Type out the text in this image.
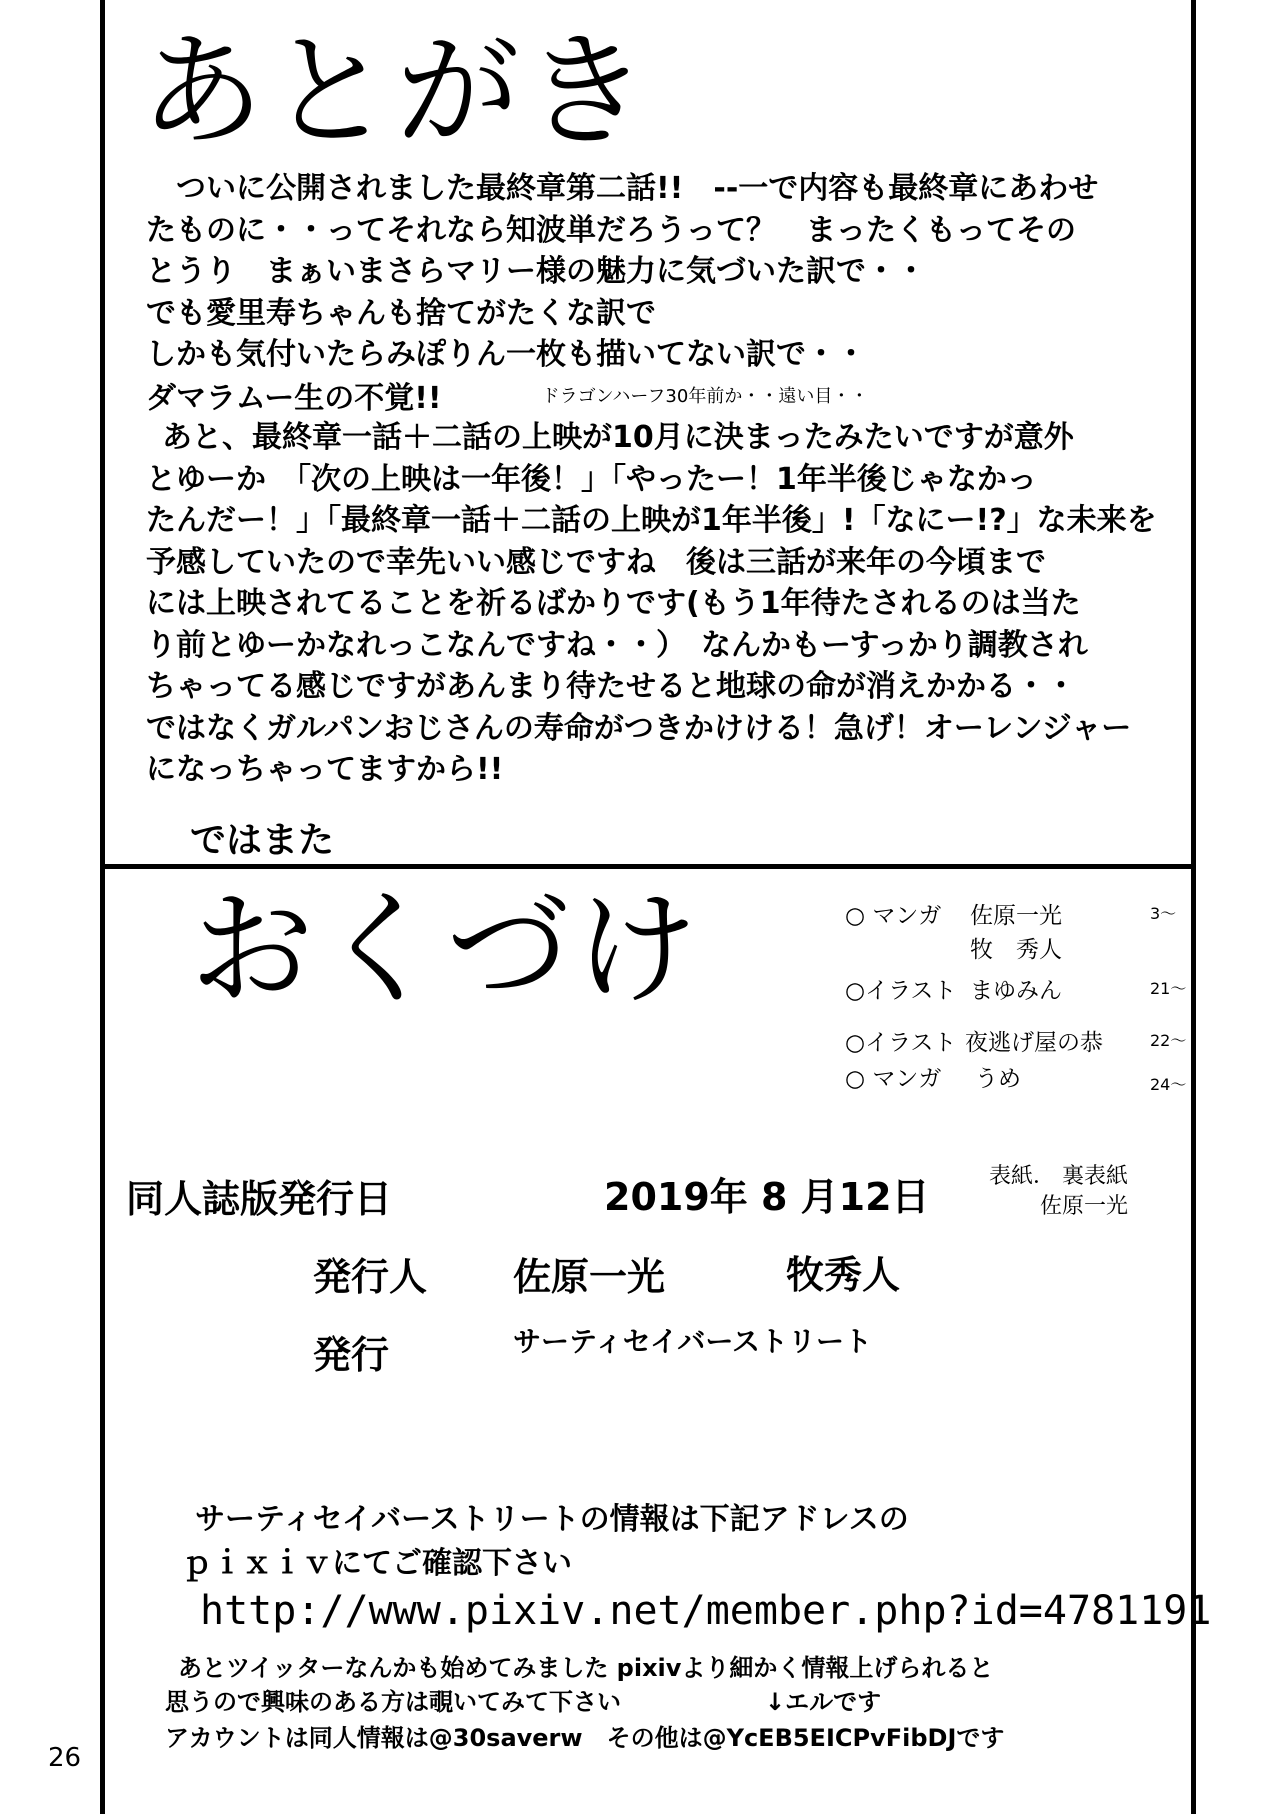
あとがき
ついに公開されました最終章第二話!!　--一で内容も最終章にあわせ
たものに・・ってそれなら知波単だろうって？　まったくもってその
とうり　まぁいまさらマリー様の魅力に気づいた訳で・・
でも愛里寿ちゃんも捨てがたくな訳で
しかも気付いたらみぽりん一枚も描いてない訳で・・
ダマラムー生の不覚!!	$^{ドラゴンハーフ30年前か・・遠い目・・}$
あと、最終章一話＋二話の上映が10月に決まったみたいですが意外
とゆーか　「次の上映は一年後！」「やったー！1年半後じゃなかっ
たんだー！」「最終章一話＋二話の上映が1年半後」!「なにー!?」な未来を
予感していたので幸先いい感じですね　後は三話が来年の今頃まで
には上映されてることを祈るばかりです(もう1年待たされるのは当た
り前とゆーかなれっこなんですね・・）　なんかもーすっかり調教され
ちゃってる感じですがあんまり待たせると地球の命が消えかかる・・
ではなくガルパンおじさんの寿命がつきかけける！急げ！オーレンジャー
になっちゃってますから!!
ではまた
おくづけ	○ マンガ 佐原一光	3～
牧　秀人
○イラスト まゆみん	21～
○イラスト 夜逃げ屋の恭	22～
○ マンガ うめ	24～
同人誌版発行日	2019年 8 月12日	表紙． 裏表紙
佐原一光
発行人 佐原一光	牧秀人
発行	サーティセイバーストリート
サーティセイバーストリートの情報は下記アドレスの
ｐｉｘｉｖにてご確認下さい
http://www.pixiv.net/member.php?id=4781191
あとツイッターなんかも始めてみました pixivより細かく情報上げられると
思うので興味のある方は覗いてみて下さい　　　　　　↓エルです
アカウントは同人情報は@30saverw　その他は@YcEB5EICPvFibDJです
26
